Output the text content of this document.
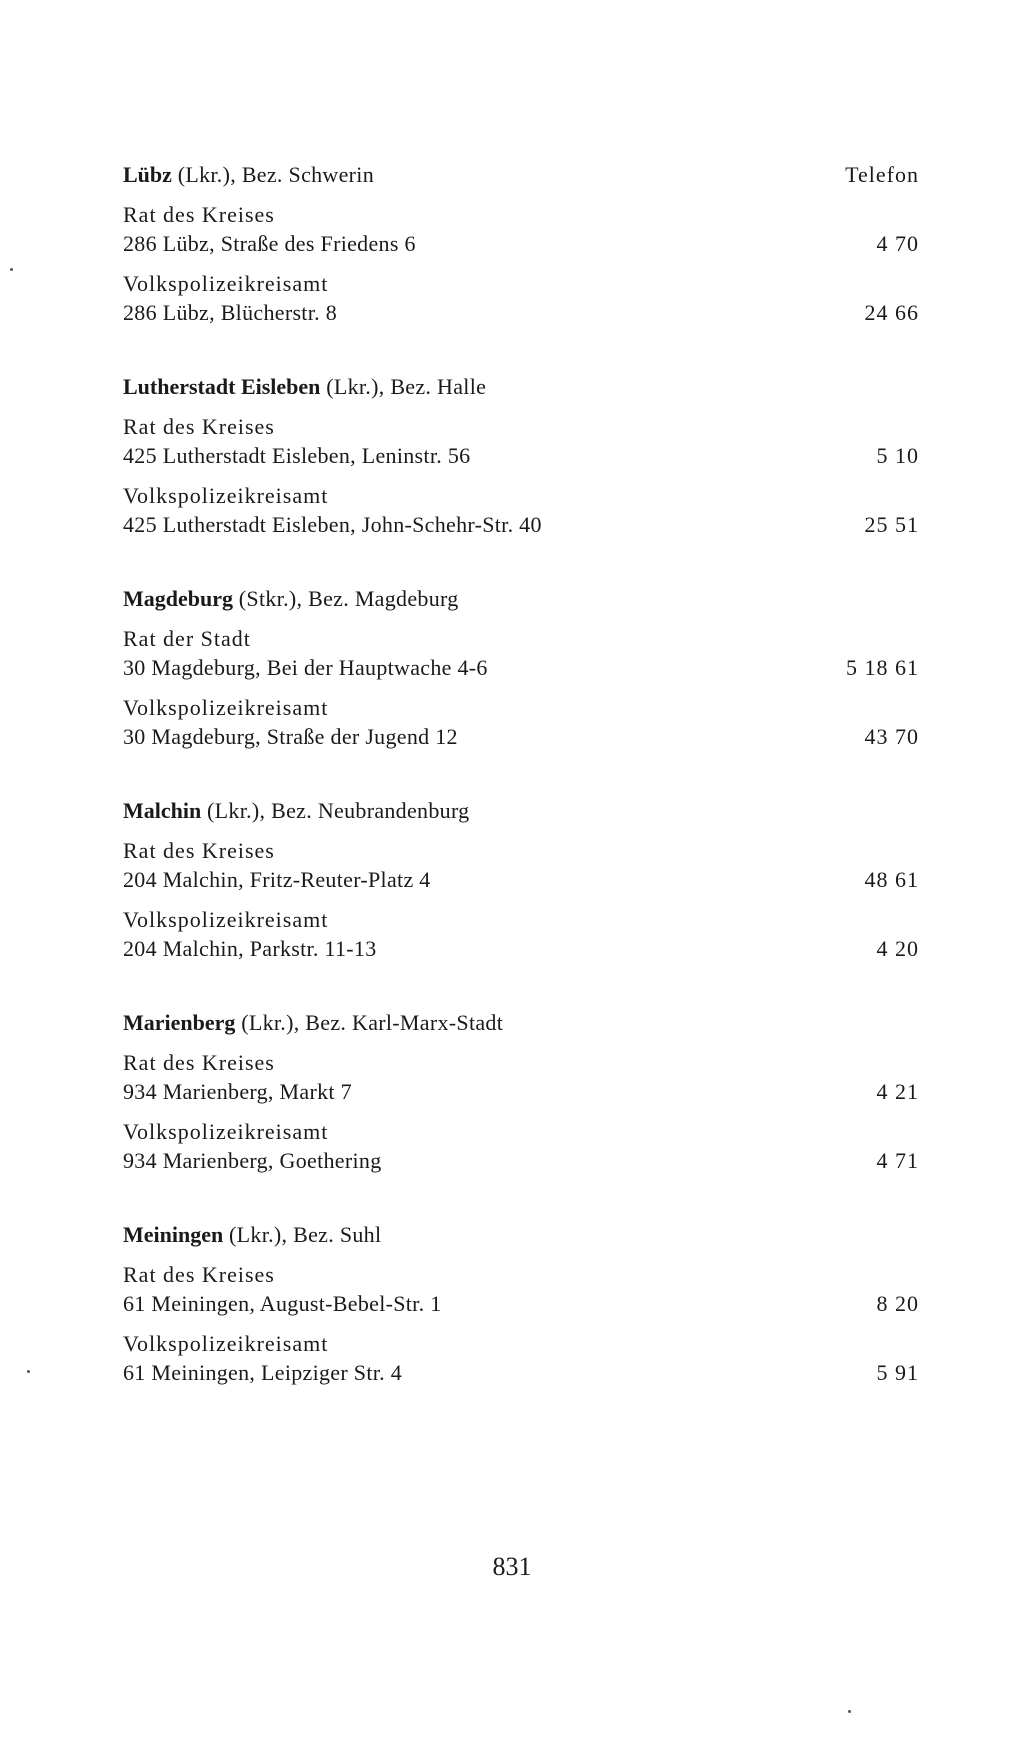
Lübz (Lkr.), Bez. Schwerin	Telefon
Rat des Kreises
286 Lübz, Straße des Friedens 6	4 70
Volkspolizeikreisamt
286 Lübz, Blücherstr. 8	24 66
Lutherstadt Eisleben (Lkr.), Bez. Halle
Rat des Kreises
425 Lutherstadt Eisleben, Leninstr. 56	5 10
Volkspolizeikreisamt
425 Lutherstadt Eisleben, John-Schehr-Str. 40	25 51
Magdeburg (Stkr.), Bez. Magdeburg
Rat der Stadt
30 Magdeburg, Bei der Hauptwache 4-6	5 18 61
Volkspolizeikreisamt
30 Magdeburg, Straße der Jugend 12	43 70
Malchin (Lkr.), Bez. Neubrandenburg
Rat des Kreises
204 Malchin, Fritz-Reuter-Platz 4	48 61
Volkspolizeikreisamt
204 Malchin, Parkstr. 11-13	4 20
Marienberg (Lkr.), Bez. Karl-Marx-Stadt
Rat des Kreises
934 Marienberg, Markt 7	4 21
Volkspolizeikreisamt
934 Marienberg, Goethering	4 71
Meiningen (Lkr.), Bez. Suhl
Rat des Kreises
61 Meiningen, August-Bebel-Str. 1	8 20
Volkspolizeikreisamt
61 Meiningen, Leipziger Str. 4	5 91
831
